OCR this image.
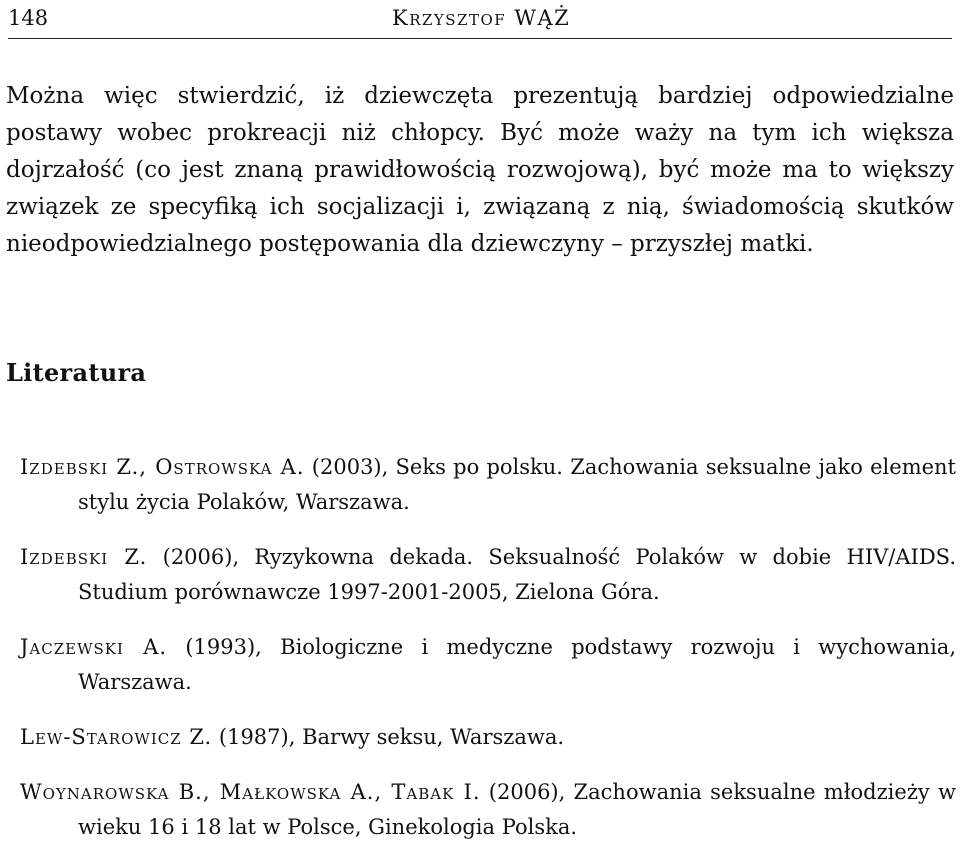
148	Krzysztof WĄŻ

Można więc stwierdzić, iż dziewczęta prezentują bardziej odpowiedzialne postawy wobec prokreacji niż chłopcy. Być może waży na tym ich większa dojrzałość (co jest znaną prawidłowością rozwojową), być może ma to większy związek ze specyfiką ich socjalizacji i, związaną z nią, świadomością skutków nieodpowiedzialnego postępowania dla dziewczyny – przyszłej matki.

Literatura
Izdebski Z., Ostrowska A. (2003), Seks po polsku. Zachowania seksualne jako element stylu życia Polaków, Warszawa.
Izdebski Z. (2006), Ryzykowna dekada. Seksualność Polaków w dobie HIV/AIDS. Studium porównawcze 1997-2001-2005, Zielona Góra.
Jaczewski A. (1993), Biologiczne i medyczne podstawy rozwoju i wychowania, Warszawa.
Lew-Starowicz Z. (1987), Barwy seksu, Warszawa.
Woynarowska B., Małkowska A., Tabak I. (2006), Zachowania seksualne młodzieży w wieku 16 i 18 lat w Polsce, Ginekologia Polska.
